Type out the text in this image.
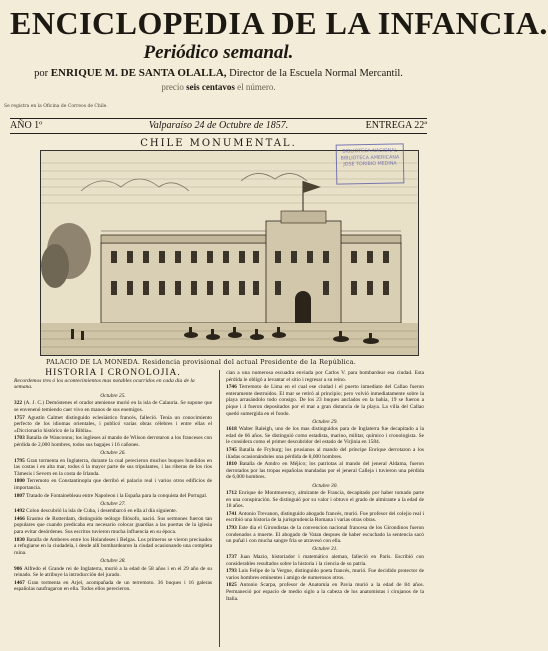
ENCICLOPEDIA DE LA INFANCIA.
Periódico semanal.
por ENRIQUE M. DE SANTA OLALLA, Director de la Escuela Normal Mercantil.
precio seis centavos el número.
Se registra en la Oficina de Correos de Chile.
AÑO 1º	Valparaíso 24 de Octubre de 1857.	ENTREGA 22ª
CHILE MONUMENTAL.
BIBLIOTECA NACIONAL
BIBLIOTECA AMERICANA
JOSÉ TORIBIO MEDINA
PALACIO DE LA MONEDA. Residencia provisional del actual Presidente de la República.
HISTORIA I CRONOLOJIA.
Recordemos tres ó los acontecimientos mas notables ocurridos en cada dia de la semana.
Octubre 25.
322 (A. J. C.) Demóstenes el orador ateniense murió en la isla de Calauria. Se supone que se envenenó temiendo caer vivo en manos de sus enemigos.
1757 Agustín Calmet distinguido eclesiástico francés, falleció. Tenia un conocimiento perfecto de los idiomas orientales, i publicó varias obras célebres i entre ellas el «Diccionario histórico de la Biblia».
1703 Batalla de Wanconnu; los ingleses al mando de Wilson derrotaron a los franceses con pérdida de 2,000 hombres, todos sus bagajes i 16 cañones.
Octubre 26.
1795 Gran tormenta en Inglaterra, durante la cual perecieron muchos buques hundidos en las costas i en alta mar, todos ó la mayor parte de sus tripulantes, i las riberas de los ríos Támesis i Severn en la costa de Irlanda.
1800 Terremoto en Constantinopla que derribó el palacio real i varios otros edificios de importancia.
1807 Tratado de Fontainebleau entre Napoleon i la España para la conquista del Portugal.
Octubre 27.
1492 Colon descubrió la isla de Cuba, i desembarcó en ella al día siguiente.
1466 Erasmo de Rotterdam, distinguido teólogo filósofo, nació. Sus sermones fueron tan populares que cuando predicaba era necesario colocar guardias a las puertas de la iglesia para evitar desórdenes. Sus escritos tuvieron mucha influencia en su época.
1830 Batalla de Amberes entre los Holandeses i Belgas. Los primeros se vieron precisados a refugiarse en la ciudadela, i desde allí bombardearon la ciudad ocasionando una completa ruina.
Octubre 28.
906 Alfredo el Grande rei de Inglaterra, murió a la edad de 58 años i en el 29 año de su reinado. Se le atribuye la introducción del jurado.
1467 Gran tormenta en Arjel, acompañada de un terremoto. 36 buques i 16 galeras españolas naufragaron en ella. Todos ellos perecieron.
cian a una numerosa escuadra enviada por Carlos V. para bombardear esa ciudad. Esta pérdida le obligó a levantar el sitio i regresar a su reino.
1746 Terremoto de Lima en el cual ese ciudad i el puerto inmediato del Callao fueron enteramente destruidos. El mar se retiró al principio; pero volvió inmediatamente sobre la playa arrasándolo todo consigo. De los 23 buques anclados en la bahía, 19 se fueron a pique i 4 fueron depositados por el mar a gran distancia de la playa. La villa del Callao quedó sumergida en el fondo.
Octubre 29.
1618 Walter Raleigh, uno de los mas distinguidos para de Inglaterra fue decapitado a la edad de 66 años. Se distinguió como estadista, marino, militar, químico i cronologista. Se le considera como el primer descubridor del estado de Virjinia en 1584.
1745 Batalla de Fryburg; los prusianos al mando del príncipe Enrique derrotaron a los ilíadas ocasionándoles una pérdida de 8,000 hombres.
1810 Batalla de Amdro en Méjico; los patriotas al mando del jeneral Aldama, fueron derrotados por las tropas españolas mandadas por el jeneral Calleja i tuvieron una pérdida de 6,000 hombres.
Octubre 30.
1712 Enrique de Montmorency, almirante de Francia, decapitado por haber tomado parte en una conspiración. Se distinguió por su valor i obtuvo el grado de almirante a la edad de 18 años.
1741 Antonio Trevanon, distinguido abogado francés, murió. Fue profesor del colejio real i escribió una historia de la jurisprudencia Romana i varias otras obras.
1793 Este dia el Girondistas de la convencion nacional francesa de los Girondinos fueron condenados a muerte. El abogado de Vatan despues de haber escuchado la sentencia sacó un puñal i con mucha sangre fría se atravesó con ella.
Octubre 31.
1737 Juan Mazio, historiador i matemático aleman, falleció en París. Escribió con considerables resultados sobre la historia i la ciencia de su patria.
1793 Luis Felipe de la Vergne, distinguido poeta francés, murió. Fue decidido protector de varios hombres eminentes i amigo de numerosos otros.
1825 Antonio Scarpa, profesor de Anatomía en Pavia murió a la edad de 84 años. Permaneció por espacio de medio siglo a la cabeza de los anatomistas i cirujanos de la Italia.
